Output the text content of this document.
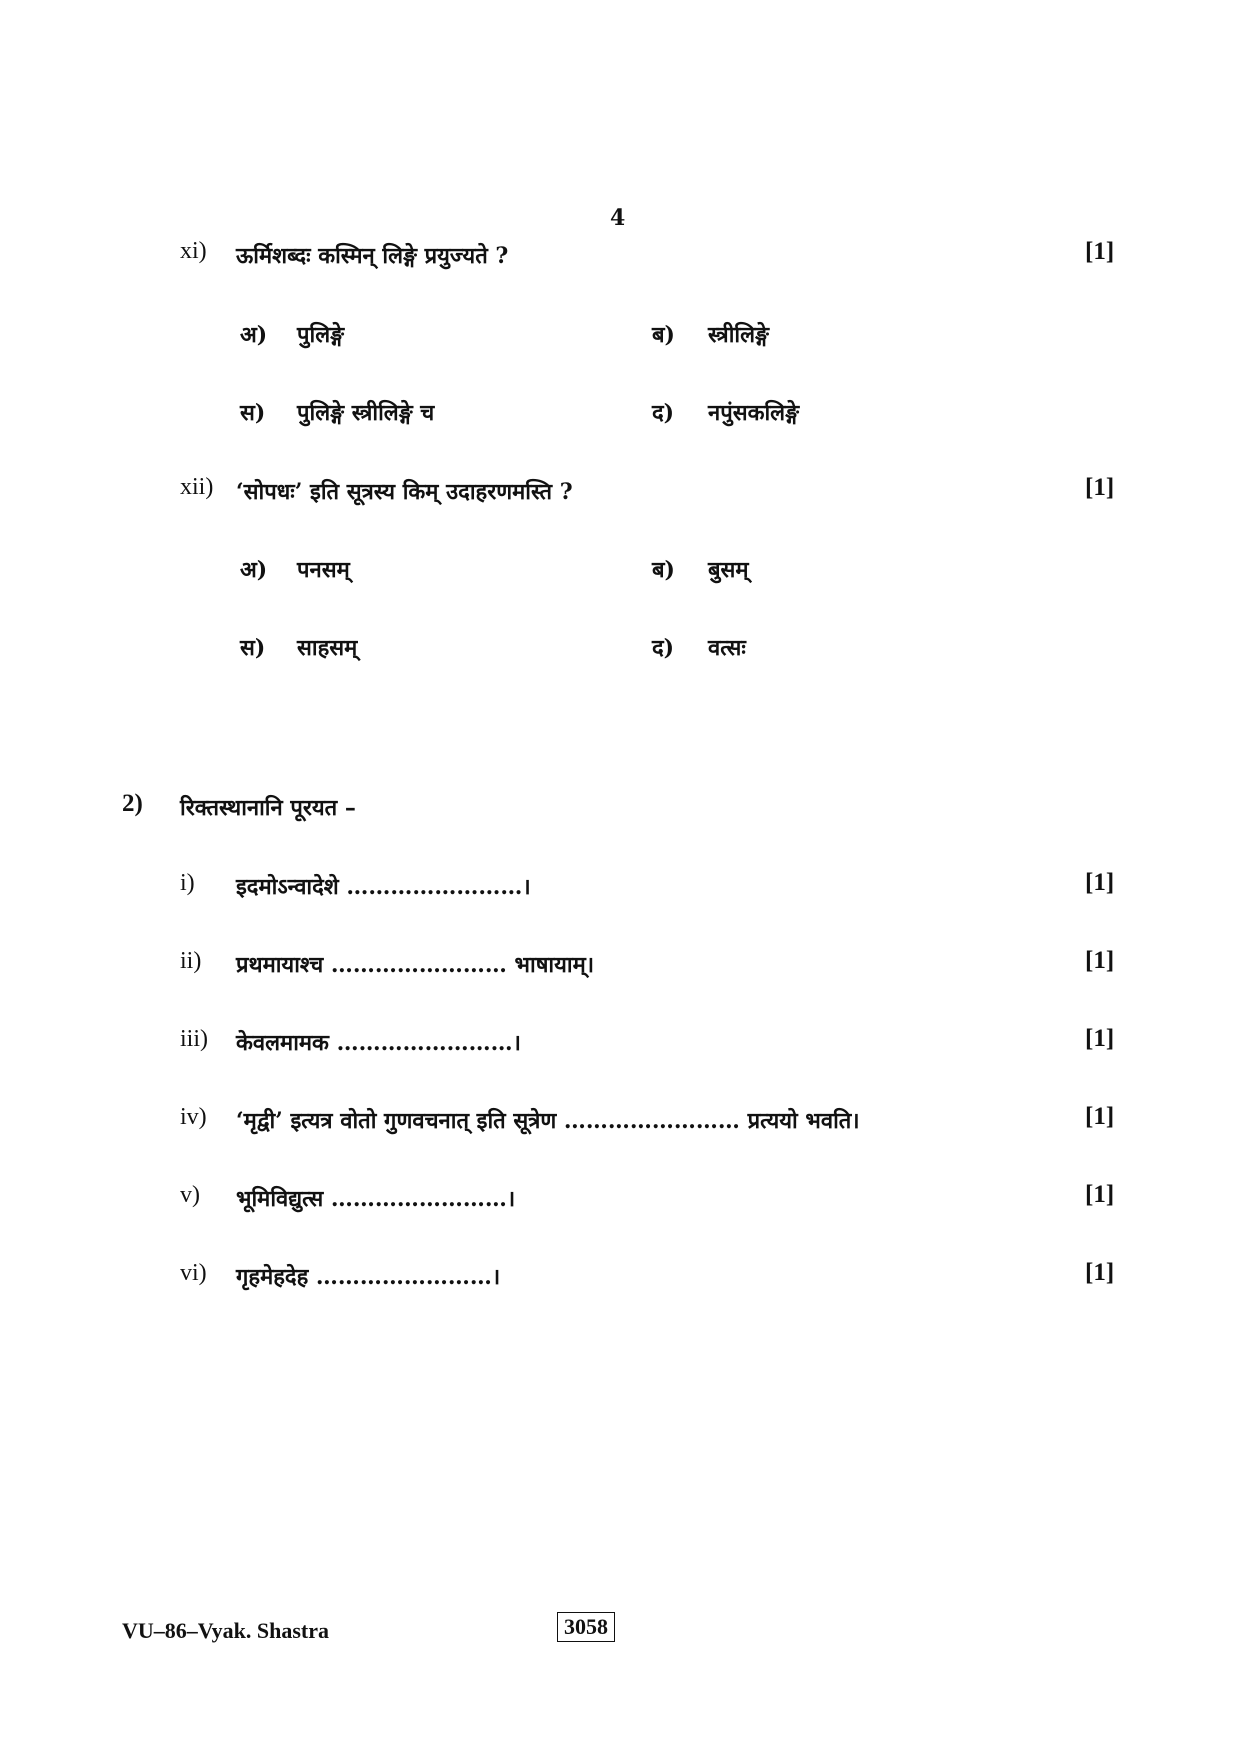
4
xi) ऊर्मिशब्दः कस्मिन् लिङ्गे प्रयुज्यते ?	[1]
अ) पुलिङ्गे	ब) स्त्रीलिङ्गे
स) पुलिङ्गे स्त्रीलिङ्गे च	द) नपुंसकलिङ्गे
xii) ‘सोपधः’ इति सूत्रस्य किम् उदाहरणमस्ति ?	[1]
अ) पनसम्	ब) बुसम्
स) साहसम्	द) वत्सः
2) रिक्तस्थानानि पूरयत –
i) इदमोऽन्वादेशे ……………………।	[1]
ii) प्रथमायाश्च …………………… भाषायाम्।	[1]
iii) केवलमामक ……………………।	[1]
iv) ‘मृद्वी’ इत्यत्र वोतो गुणवचनात् इति सूत्रेण …………………… प्रत्ययो भवति।	[1]
v) भूमिविद्युत्स ……………………।	[1]
vi) गृहमेहदेह ……………………।	[1]
VU–86–Vyak. Shastra	3058
